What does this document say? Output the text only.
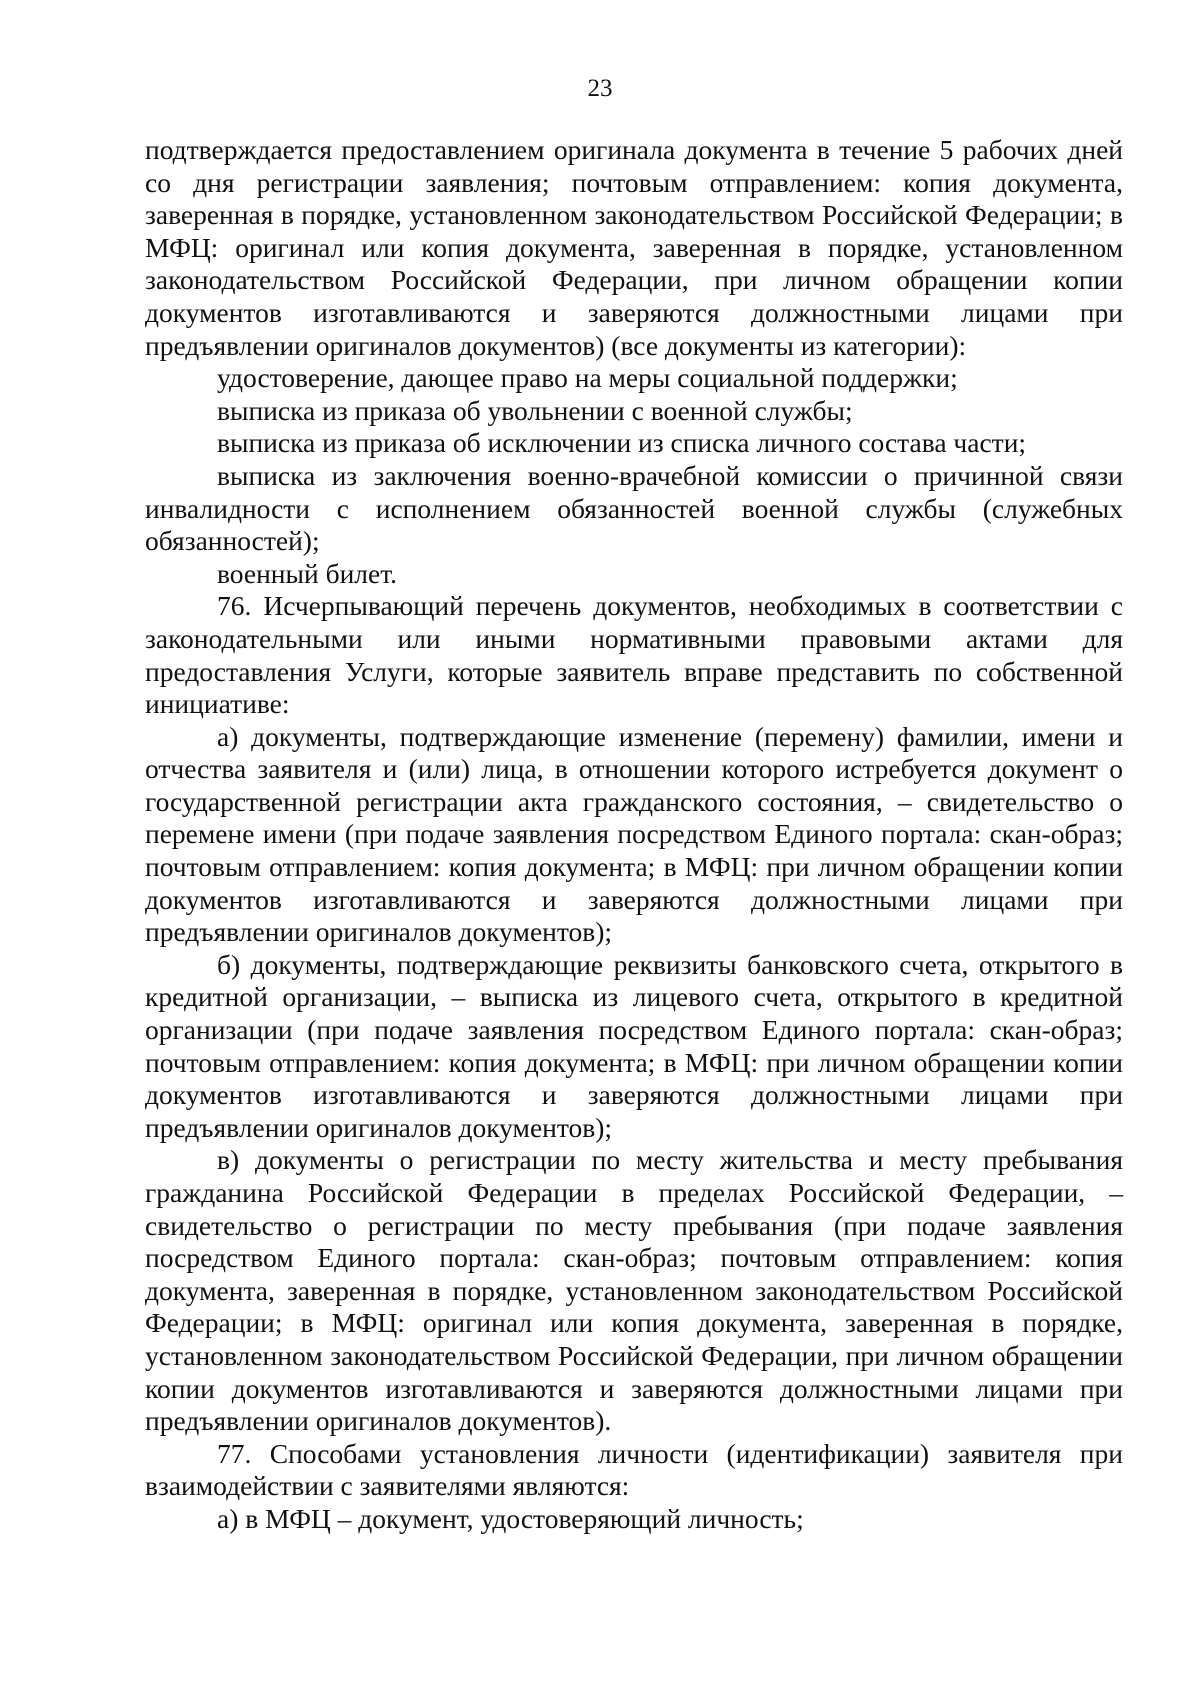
23

подтверждается предоставлением оригинала документа в течение 5 рабочих дней со дня регистрации заявления; почтовым отправлением: копия документа, заверенная в порядке, установленном законодательством Российской Федерации; в МФЦ: оригинал или копия документа, заверенная в порядке, установленном законодательством Российской Федерации, при личном обращении копии документов изготавливаются и заверяются должностными лицами при предъявлении оригиналов документов) (все документы из категории):

удостоверение, дающее право на меры социальной поддержки;

выписка из приказа об увольнении с военной службы;

выписка из приказа об исключении из списка личного состава части;

выписка из заключения военно-врачебной комиссии о причинной связи инвалидности с исполнением обязанностей военной службы (служебных обязанностей);

военный билет.

76. Исчерпывающий перечень документов, необходимых в соответствии с законодательными или иными нормативными правовыми актами для предоставления Услуги, которые заявитель вправе представить по собственной инициативе:

а) документы, подтверждающие изменение (перемену) фамилии, имени и отчества заявителя и (или) лица, в отношении которого истребуется документ о государственной регистрации акта гражданского состояния, – свидетельство о перемене имени (при подаче заявления посредством Единого портала: скан-образ; почтовым отправлением: копия документа; в МФЦ: при личном обращении копии документов изготавливаются и заверяются должностными лицами при предъявлении оригиналов документов);

б) документы, подтверждающие реквизиты банковского счета, открытого в кредитной организации, – выписка из лицевого счета, открытого в кредитной организации (при подаче заявления посредством Единого портала: скан-образ; почтовым отправлением: копия документа; в МФЦ: при личном обращении копии документов изготавливаются и заверяются должностными лицами при предъявлении оригиналов документов);

в) документы о регистрации по месту жительства и месту пребывания гражданина Российской Федерации в пределах Российской Федерации, – свидетельство о регистрации по месту пребывания (при подаче заявления посредством Единого портала: скан-образ; почтовым отправлением: копия документа, заверенная в порядке, установленном законодательством Российской Федерации; в МФЦ: оригинал или копия документа, заверенная в порядке, установленном законодательством Российской Федерации, при личном обращении копии документов изготавливаются и заверяются должностными лицами при предъявлении оригиналов документов).

77. Способами установления личности (идентификации) заявителя при взаимодействии с заявителями являются:

а) в МФЦ – документ, удостоверяющий личность;
